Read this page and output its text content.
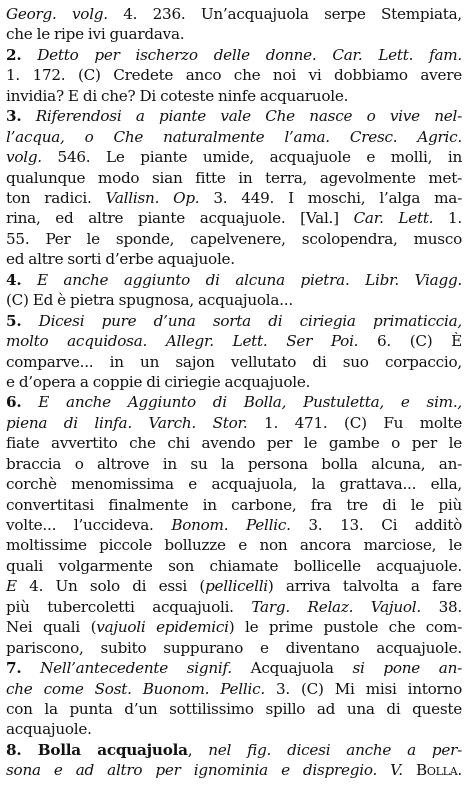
Georg. volg. 4. 236. Un’acquajuola serpe Stempiata,
che le ripe ivi guardava.
2. Detto per ischerzo delle donne. Car. Lett. fam.
1. 172. (C) Credete anco che noi vi dobbiamo avere
invidia? E di che? Di coteste ninfe acquaruole.
3. Riferendosi a piante vale Che nasce o vive nel-
l’acqua, o Che naturalmente l’ama. Cresc. Agric.
volg. 546. Le piante umide, acquajuole e molli, in
qualunque modo sian fitte in terra, agevolmente met-
ton radici. Vallisn. Op. 3. 449. I moschi, l’alga ma-
rina, ed altre piante acquajuole. [Val.] Car. Lett. 1.
55. Per le sponde, capelvenere, scolopendra, musco
ed altre sorti d’erbe aquajuole.
4. E anche aggiunto di alcuna pietra. Libr. Viagg.
(C) Ed è pietra spugnosa, acquajuola...
5. Dicesi pure d’una sorta di ciriegia primaticcia,
molto acquidosa. Allegr. Lett. Ser Poi. 6. (C) È
comparve... in un sajon vellutato di suo corpaccio,
e d’opera a coppie di ciriegie acquajuole.
6. E anche Aggiunto di Bolla, Pustuletta, e sim.,
piena di linfa. Varch. Stor. 1. 471. (C) Fu molte
fiate avvertito che chi avendo per le gambe o per le
braccia o altrove in su la persona bolla alcuna, an-
corchè menomissima e acquajuola, la grattava... ella,
convertitasi finalmente in carbone, fra tre di le più
volte... l’uccideva. Bonom. Pellic. 3. 13. Ci additò
moltissime piccole bolluzze e non ancora marciose, le
quali volgarmente son chiamate bollicelle acquajuole.
E 4. Un solo di essi (pellicelli) arriva talvolta a fare
più tubercoletti acquajuoli. Targ. Relaz. Vajuol. 38.
Nei quali (vajuoli epidemici) le prime pustole che com-
pariscono, subito suppurano e diventano acquajuole.
7. Nell’antecedente signif. Acquajuola si pone an-
che come Sost. Buonom. Pellic. 3. (C) Mi misi intorno
con la punta d’un sottilissimo spillo ad una di queste
acquajuole.
8. Bolla acquajuola, nel fig. dicesi anche a per-
sona e ad altro per ignominia e dispregio. V. Bolla.
